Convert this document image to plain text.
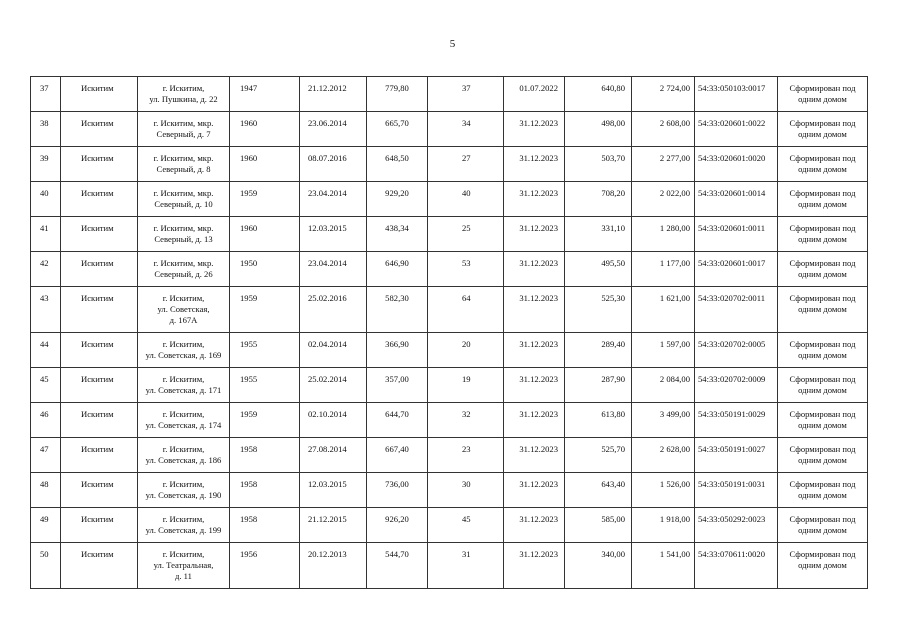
5
37	Искитим	г. Искитим,
ул. Пушкина, д. 22	1947	21.12.2012	779,80	37	01.07.2022	640,80	2 724,00	54:33:050103:0017	Сформирован под одним домом
38	Искитим	г. Искитим, мкр.
Северный, д. 7	1960	23.06.2014	665,70	34	31.12.2023	498,00	2 608,00	54:33:020601:0022	Сформирован под одним домом
39	Искитим	г. Искитим, мкр.
Северный, д. 8	1960	08.07.2016	648,50	27	31.12.2023	503,70	2 277,00	54:33:020601:0020	Сформирован под одним домом
40	Искитим	г. Искитим, мкр.
Северный, д. 10	1959	23.04.2014	929,20	40	31.12.2023	708,20	2 022,00	54:33:020601:0014	Сформирован под одним домом
41	Искитим	г. Искитим, мкр.
Северный, д. 13	1960	12.03.2015	438,34	25	31.12.2023	331,10	1 280,00	54:33:020601:0011	Сформирован под одним домом
42	Искитим	г. Искитим, мкр.
Северный, д. 26	1950	23.04.2014	646,90	53	31.12.2023	495,50	1 177,00	54:33:020601:0017	Сформирован под одним домом
43	Искитим	г. Искитим,
ул. Советская,
д. 167А	1959	25.02.2016	582,30	64	31.12.2023	525,30	1 621,00	54:33:020702:0011	Сформирован под одним домом
44	Искитим	г. Искитим,
ул. Советская, д. 169	1955	02.04.2014	366,90	20	31.12.2023	289,40	1 597,00	54:33:020702:0005	Сформирован под одним домом
45	Искитим	г. Искитим,
ул. Советская, д. 171	1955	25.02.2014	357,00	19	31.12.2023	287,90	2 084,00	54:33:020702:0009	Сформирован под одним домом
46	Искитим	г. Искитим,
ул. Советская, д. 174	1959	02.10.2014	644,70	32	31.12.2023	613,80	3 499,00	54:33:050191:0029	Сформирован под одним домом
47	Искитим	г. Искитим,
ул. Советская, д. 186	1958	27.08.2014	667,40	23	31.12.2023	525,70	2 628,00	54:33:050191:0027	Сформирован под одним домом
48	Искитим	г. Искитим,
ул. Советская, д. 190	1958	12.03.2015	736,00	30	31.12.2023	643,40	1 526,00	54:33:050191:0031	Сформирован под одним домом
49	Искитим	г. Искитим,
ул. Советская, д. 199	1958	21.12.2015	926,20	45	31.12.2023	585,00	1 918,00	54:33:050292:0023	Сформирован под одним домом
50	Искитим	г. Искитим,
ул. Театральная,
д. 11	1956	20.12.2013	544,70	31	31.12.2023	340,00	1 541,00	54:33:070611:0020	Сформирован под одним домом
